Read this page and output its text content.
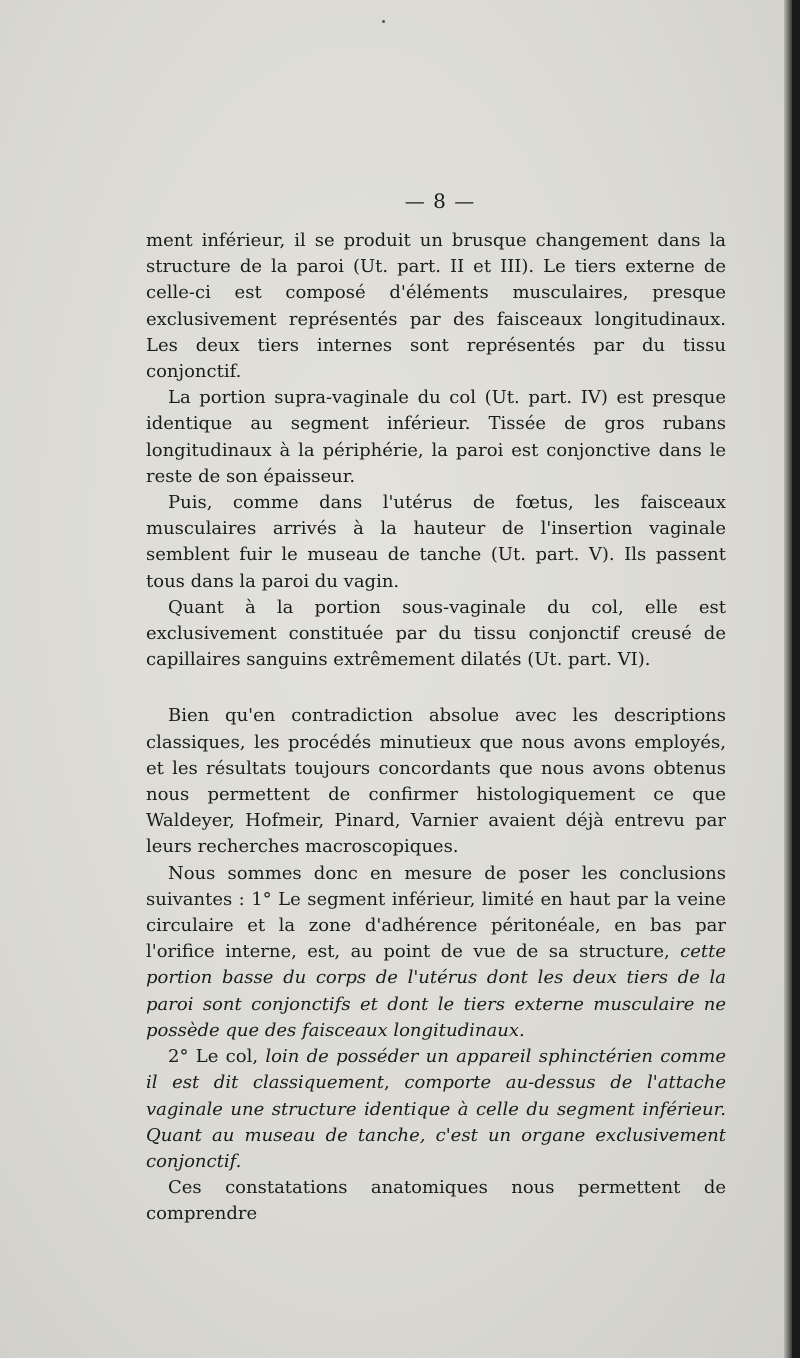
— 8 —

ment inférieur, il se produit un brusque changement dans la structure de la paroi (Ut. part. II et III). Le tiers externe de celle-ci est composé d'éléments musculaires, presque exclusivement représentés par des faisceaux longitudinaux. Les deux tiers internes sont représentés par du tissu conjonctif.

La portion supra-vaginale du col (Ut. part. IV) est presque identique au segment inférieur. Tissée de gros rubans longitudinaux à la périphérie, la paroi est conjonctive dans le reste de son épaisseur.

Puis, comme dans l'utérus de fœtus, les faisceaux musculaires arrivés à la hauteur de l'insertion vaginale semblent fuir le museau de tanche (Ut. part. V). Ils passent tous dans la paroi du vagin.

Quant à la portion sous-vaginale du col, elle est exclusivement constituée par du tissu conjonctif creusé de capillaires sanguins extrêmement dilatés (Ut. part. VI).

Bien qu'en contradiction absolue avec les descriptions classiques, les procédés minutieux que nous avons employés, et les résultats toujours concordants que nous avons obtenus nous permettent de confirmer histologiquement ce que Waldeyer, Hofmeir, Pinard, Varnier avaient déjà entrevu par leurs recherches macroscopiques.

Nous sommes donc en mesure de poser les conclusions suivantes : 1° Le segment inférieur, limité en haut par la veine circulaire et la zone d'adhérence péritonéale, en bas par l'orifice interne, est, au point de vue de sa structure, cette portion basse du corps de l'utérus dont les deux tiers de la paroi sont conjonctifs et dont le tiers externe musculaire ne possède que des faisceaux longitudinaux.

2° Le col, loin de posséder un appareil sphinctérien comme il est dit classiquement, comporte au-dessus de l'attache vaginale une structure identique à celle du segment inférieur. Quant au museau de tanche, c'est un organe exclusivement conjonctif.

Ces constatations anatomiques nous permettent de comprendre
